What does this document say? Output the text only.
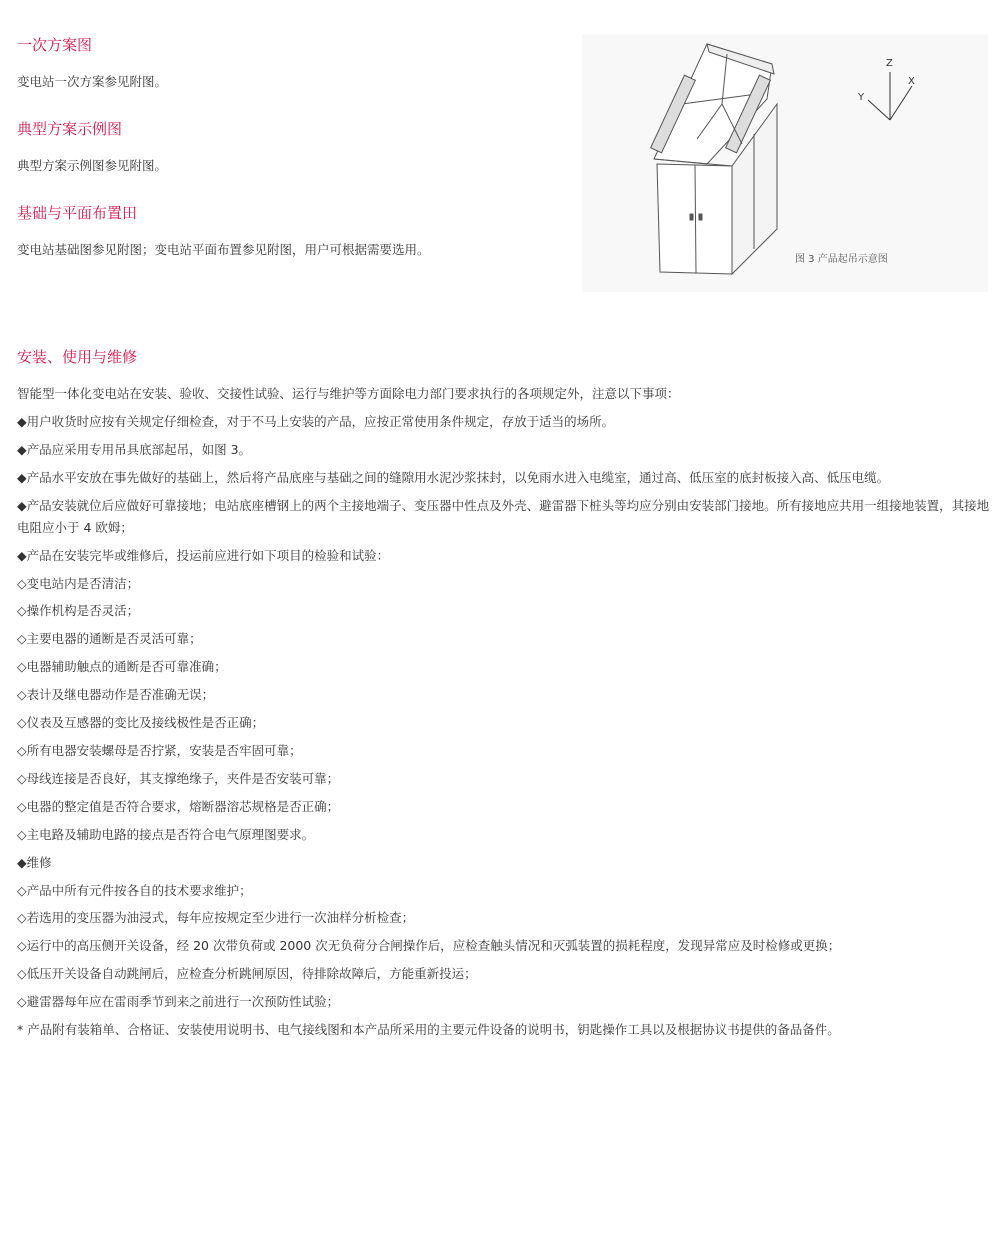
一次方案图

变电站一次方案参见附图。

典型方案示例图

典型方案示例图参见附图。

基础与平面布置田

变电站基础图参见附图；变电站平面布置参见附图，用户可根据需要选用。

Z
X
Y
图 3 产品起吊示意图
安装、使用与维修

智能型一体化变电站在安装、验收、交接性试验、运行与维护等方面除电力部门要求执行的各项规定外，注意以下事项：

◆用户收货时应按有关规定仔细检查，对于不马上安装的产品，应按正常使用条件规定，存放于适当的场所。

◆产品应采用专用吊具底部起吊，如图 3。

◆产品水平安放在事先做好的基础上，然后将产品底座与基础之间的缝隙用水泥沙浆抹封，以免雨水进入电缆室，通过高、低压室的底封板接入高、低压电缆。

◆产品安装就位后应做好可靠接地；电站底座槽钢上的两个主接地端子、变压器中性点及外壳、避雷器下桩头等均应分别由安装部门接地。所有接地应共用一组接地装置，其接地电阻应小于 4 欧姆；

◆产品在安装完毕或维修后，投运前应进行如下项目的检验和试验：

◇变电站内是否清洁；

◇操作机构是否灵活；

◇主要电器的通断是否灵活可靠；

◇电器辅助触点的通断是否可靠准确；

◇表计及继电器动作是否准确无误；

◇仪表及互感器的变比及接线极性是否正确；

◇所有电器安装螺母是否拧紧，安装是否牢固可靠；

◇母线连接是否良好，其支撑绝缘子，夹件是否安装可靠；

◇电器的整定值是否符合要求，熔断器溶芯规格是否正确；

◇主电路及辅助电路的接点是否符合电气原理图要求。

◆维修

◇产品中所有元件按各自的技术要求维护；

◇若选用的变压器为油浸式，每年应按规定至少进行一次油样分析检查；

◇运行中的高压侧开关设备，经 20 次带负荷或 2000 次无负荷分合闸操作后，应检查触头情况和灭弧装置的损耗程度，发现异常应及时检修或更换；

◇低压开关设备自动跳闸后，应检查分析跳闸原因，待排除故障后，方能重新投运；

◇避雷器每年应在雷雨季节到来之前进行一次预防性试验；

* 产品附有装箱单、合格证、安装使用说明书、电气接线图和本产品所采用的主要元件设备的说明书，钥匙操作工具以及根据协议书提供的备品备件。
